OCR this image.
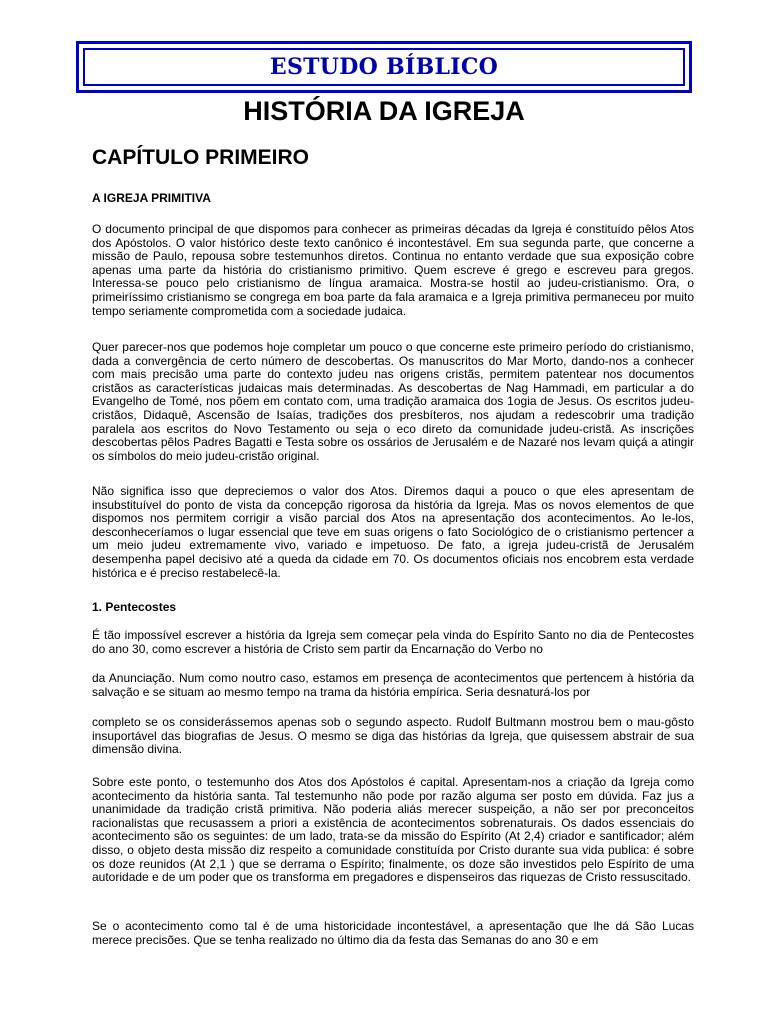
ESTUDO BÍBLICO
HISTÓRIA DA IGREJA
CAPÍTULO PRIMEIRO
A IGREJA PRIMITIVA

O documento principal de que dispomos para conhecer as primeiras décadas da Igreja é constituído pêlos Atos dos Apóstolos. O valor histórico deste texto canônico é incontestável. Em sua segunda parte, que concerne a missão de Paulo, repousa sobre testemunhos diretos. Continua no entanto verdade que sua exposição cobre apenas uma parte da história do cristianismo primitivo. Quem escreve é grego e escreveu para gregos. Interessa-se pouco pelo cristianismo de língua aramaica. Mostra-se hostil ao judeu-cristianismo. Ora, o primeiríssimo cristianismo se congrega em boa parte da fala aramaica e a Igreja primitiva permaneceu por muito tempo seriamente comprometida com a sociedade judaica.

Quer parecer-nos que podemos hoje completar um pouco o que concerne este primeiro período do cristianismo, dada a convergência de certo número de descobertas. Os manuscritos do Mar Morto, dando-nos a conhecer com mais precisão uma parte do contexto judeu nas origens cristãs, permitem patentear nos documentos cristãos as características judaicas mais determinadas. As descobertas de Nag Hammadi, em particular a do Evangelho de Tomé, nos põem em contato com, uma tradição aramaica dos 1ogia de Jesus. Os escritos judeu-cristãos, Didaquê, Ascensão de Isaías, tradições dos presbíteros, nos ajudam a redescobrir uma tradição paralela aos escritos do Novo Testamento ou seja o eco direto da comunidade judeu-cristã. As inscrições descobertas pêlos Padres Bagatti e Testa sobre os ossários de Jerusalém e de Nazaré nos levam quiçá a atingir os símbolos do meio judeu-cristão original.

Não significa isso que depreciemos o valor dos Atos. Diremos daqui a pouco o que eles apresentam de insubstituível do ponto de vista da concepção rigorosa da história da Igreja. Mas os novos elementos de que dispomos nos permitem corrigir a visão parcial dos Atos na apresentação dos acontecimentos. Ao le-los, desconheceríamos o lugar essencial que teve em suas origens o fato Sociológico de o cristianismo pertencer a um meio judeu extremamente vivo, variado e impetuoso. De fato, a igreja judeu-cristã de Jerusalém desempenha papel decisivo até a queda da cidade em 70. Os documentos oficiais nos encobrem esta verdade histórica e é preciso restabelecê-la.

1. Pentecostes

É tão impossível escrever a história da Igreja sem começar pela vinda do Espírito Santo no dia de Pentecostes do ano 30, como escrever a história de Cristo sem partir da Encarnação do Verbo no

da Anunciação. Num como noutro caso, estamos em presença de acontecimentos que pertencem à história da salvação e se situam ao mesmo tempo na trama da história empírica. Seria desnaturá-los por

completo se os considerássemos apenas sob o segundo aspecto. Rudolf Bultmann mostrou bem o mau-gôsto insuportável das biografias de Jesus. O mesmo se diga das histórias da Igreja, que quisessem abstrair de sua dimensão divina.

Sobre este ponto, o testemunho dos Atos dos Apóstolos é capital. Apresentam-nos a criação da Igreja como acontecimento da história santa. Tal testemunho não pode por razão alguma ser posto em dúvida. Faz jus a unanimidade da tradição cristã primitiva. Não poderia aliás merecer suspeição, a não ser por preconceitos racionalistas que recusassem a priori a existência de acontecimentos sobrenaturais. Os dados essenciais do acontecimento são os seguintes: de um lado, trata-se da missão do Espírito (At 2,4) criador e santificador; além disso, o objeto desta missão diz respeito a comunidade constituída por Cristo durante sua vida publica: é sobre os doze reunidos (At 2,1 ) que se derrama o Espírito; finalmente, os doze são investidos pelo Espírito de uma autoridade e de um poder que os transforma em pregadores e dispenseiros das riquezas de Cristo ressuscitado.

Se o acontecimento como tal é de uma historicidade incontestável, a apresentação que lhe dá São Lucas merece precisões. Que se tenha realizado no último dia da festa das Semanas do ano 30 e em
